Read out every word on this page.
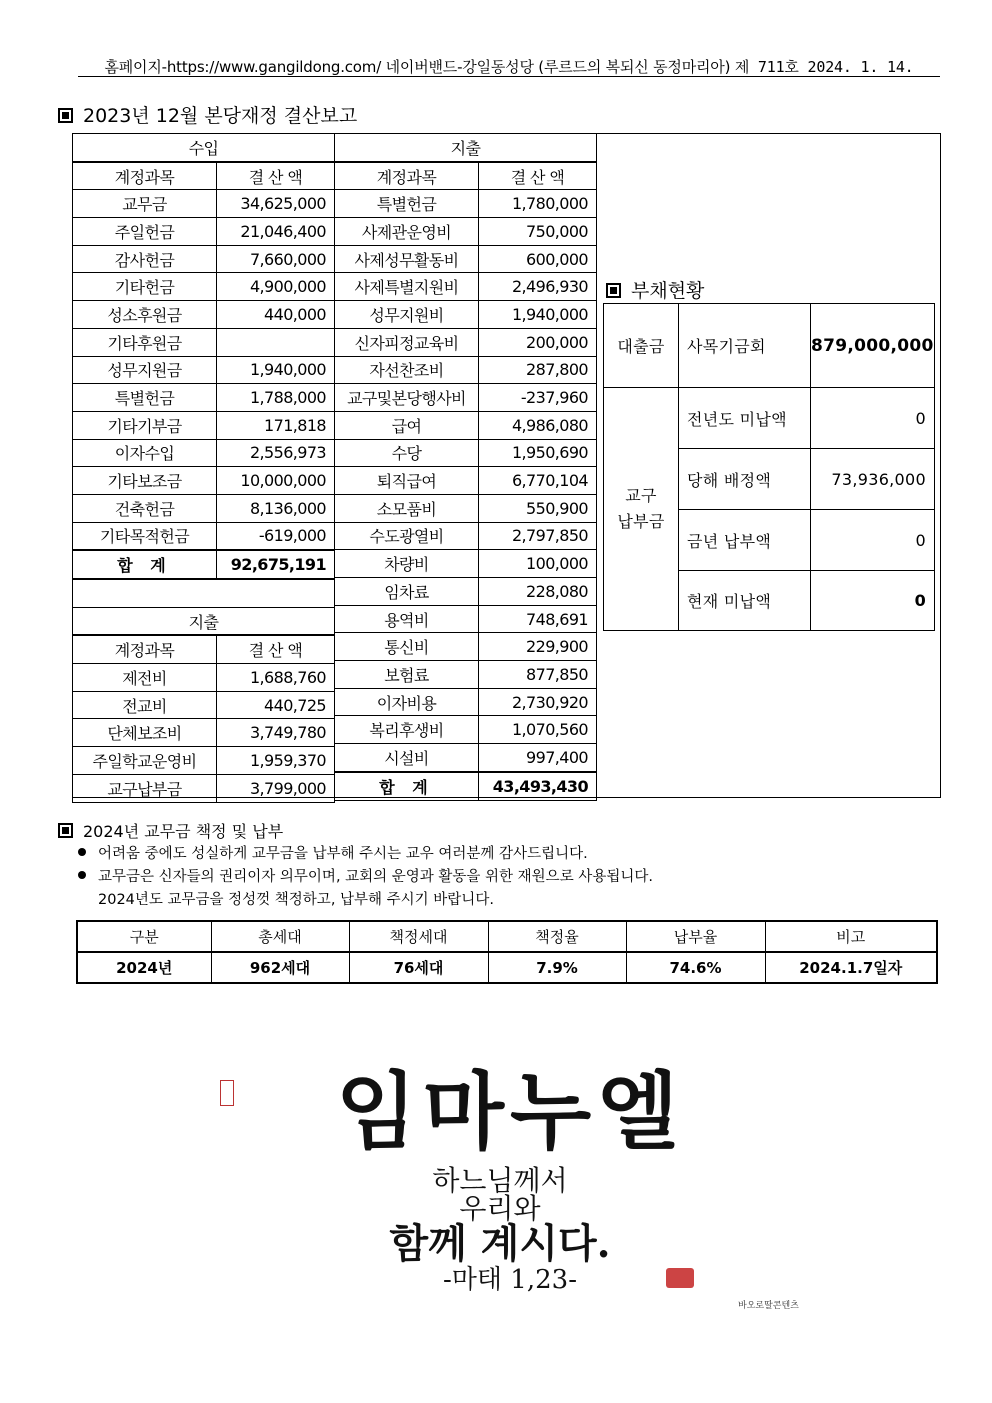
홈페이지-https://www.gangildong.com/ 네이버밴드-강일동성당 (루르드의 복되신 동정마리아) 제 711호 2024. 1. 14.
2023년 12월 본당재정 결산보고
수입	
계정과목	결 산 액
교무금	34,625,000
주일헌금	21,046,400
감사헌금	7,660,000
기타헌금	4,900,000
성소후원금	440,000
기타후원금	
성무지원금	1,940,000
특별헌금	1,788,000
기타기부금	171,818
이자수입	2,556,973
기타보조금	10,000,000
건축헌금	8,136,000
기타목적헌금	-619,000
합 계	92,675,191

지출	
계정과목	결 산 액
제전비	1,688,760
전교비	440,725
단체보조비	3,749,780
주일학교운영비	1,959,370
교구납부금	3,799,000
지출	
계정과목	결 산 액
특별헌금	1,780,000
사제관운영비	750,000
사제성무활동비	600,000
사제특별지원비	2,496,930
성무지원비	1,940,000
신자피정교육비	200,000
자선찬조비	287,800
교구및본당행사비	-237,960
급여	4,986,080
수당	1,950,690
퇴직급여	6,770,104
소모품비	550,900
수도광열비	2,797,850
차량비	100,000
임차료	228,080
용역비	748,691
통신비	229,900
보험료	877,850
이자비용	2,730,920
복리후생비	1,070,560
시설비	997,400
합 계	43,493,430
부채현황
대출금	사목기금회	879,000,000
교구
납부금	전년도 미납액	0
	당해 배정액	73,936,000
	금년 납부액	0
	현재 미납액	0
2024년 교무금 책정 및 납부
어려움 중에도 성실하게 교무금을 납부해 주시는 교우 여러분께 감사드립니다.
교무금은 신자들의 권리이자 의무이며, 교회의 운영과 활동을 위한 재원으로 사용됩니다.
2024년도 교무금을 정성껏 책정하고, 납부해 주시기 바랍니다.
구분	총세대	책정세대	책정율	납부율	비고
2024년	962세대	76세대	7.9%	74.6%	2024.1.7일자
임마누엘
하느님께서
우리와
함께 계시다.
-마태 1,23-
바오로딸콘텐츠
